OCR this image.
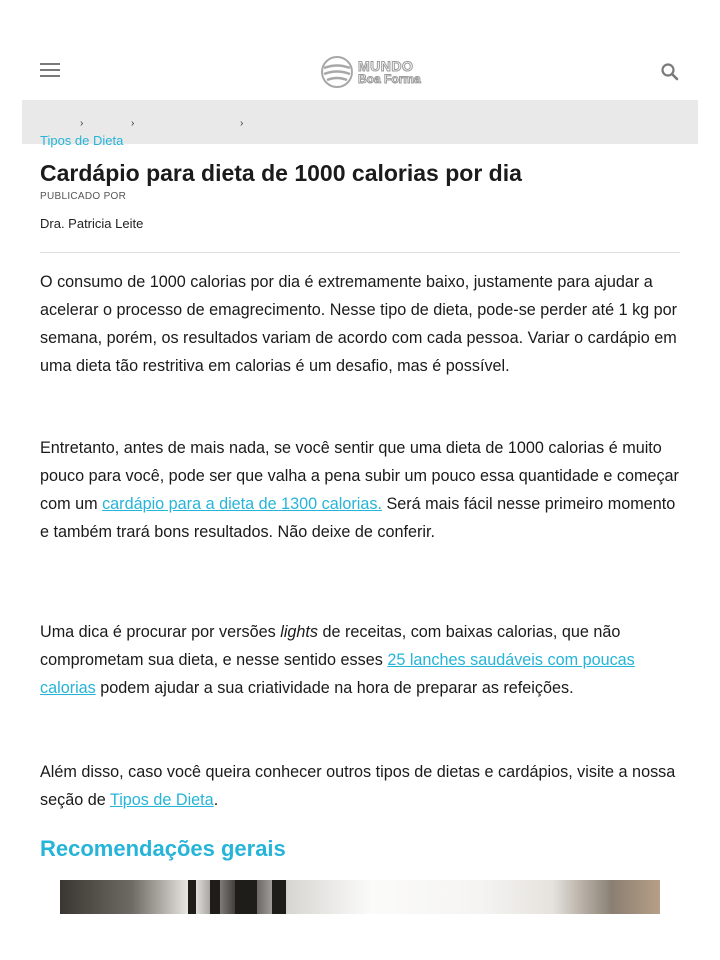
MUNDO
Boa Forma
›	›	›
Tipos de Dieta
Cardápio para dieta de 1000 calorias por dia
PUBLICADO POR
Dra. Patricia Leite

O consumo de 1000 calorias por dia é extremamente baixo, justamente para ajudar a acelerar o processo de emagrecimento. Nesse tipo de dieta, pode-se perder até 1 kg por semana, porém, os resultados variam de acordo com cada pessoa. Variar o cardápio em uma dieta tão restritiva em calorias é um desafio, mas é possível.

Entretanto, antes de mais nada, se você sentir que uma dieta de 1000 calorias é muito pouco para você, pode ser que valha a pena subir um pouco essa quantidade e começar com um cardápio para a dieta de 1300 calorias. Será mais fácil nesse primeiro momento e também trará bons resultados. Não deixe de conferir.

Uma dica é procurar por versões lights de receitas, com baixas calorias, que não comprometam sua dieta, e nesse sentido esses 25 lanches saudáveis com poucas calorias podem ajudar a sua criatividade na hora de preparar as refeições.

Além disso, caso você queira conhecer outros tipos de dietas e cardápios, visite a nossa seção de Tipos de Dieta.

Recomendações gerais
